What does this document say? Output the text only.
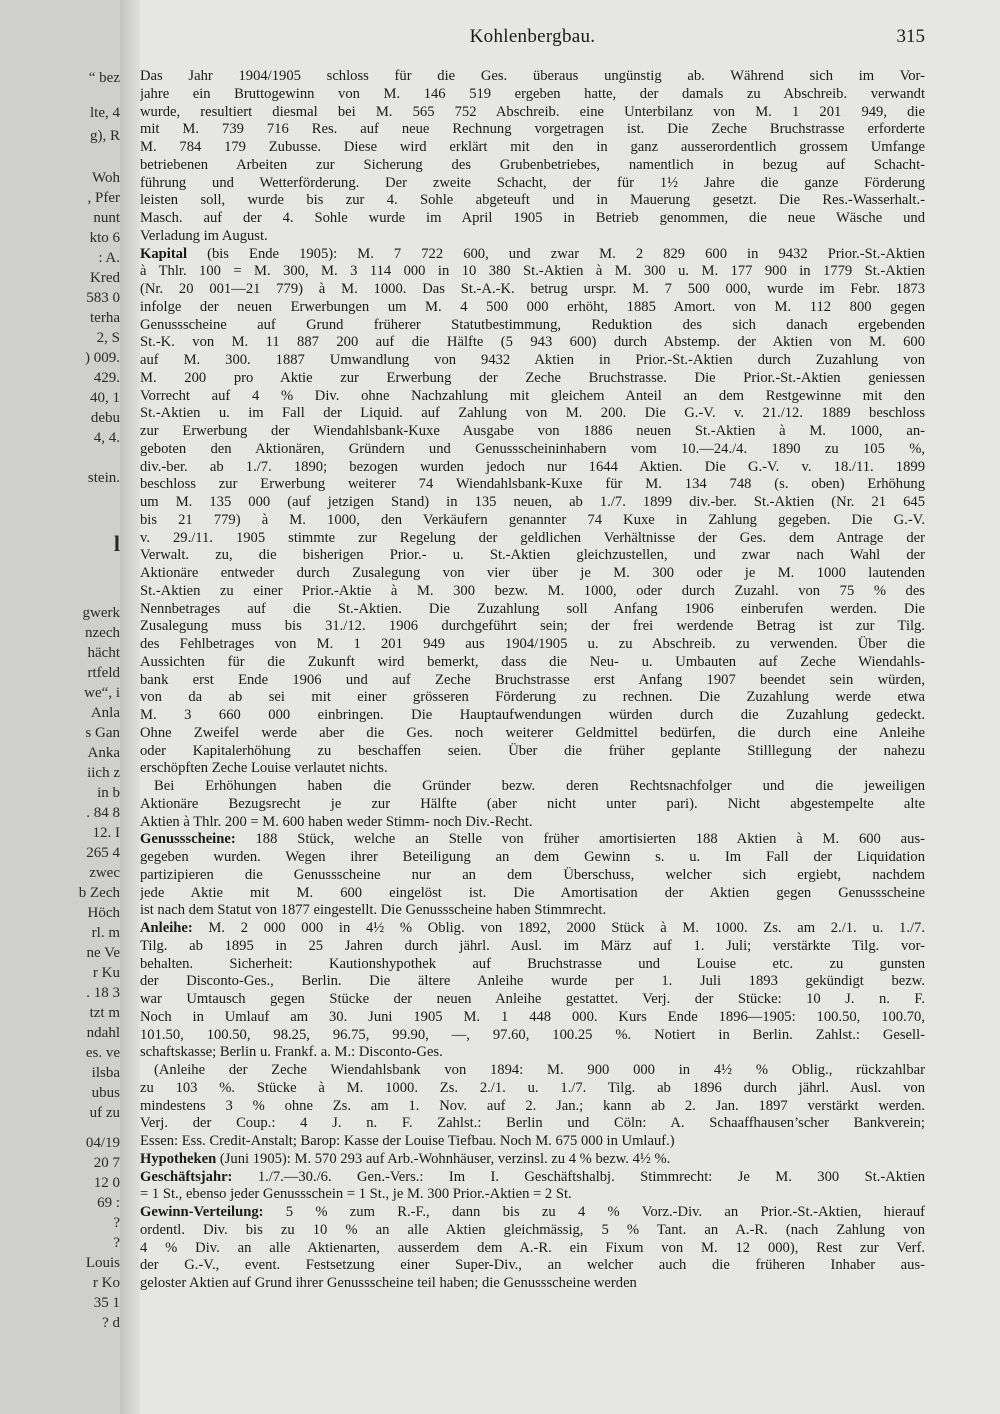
“ bez
lte, 4
g), R
Woh
, Pfer
nunt
kto 6
: A.
Kred
583 0
terha
2, S
) 009.
429.
40, 1
debu
4, 4.
stein.
l
gwerk
nzech
hächt
rtfeld
we“, i
Anla
s Gan
Anka
iich z
in b
. 84 8
12. I
265 4
zwec
b Zech
Höch
rl. m
ne Ve
r Ku
. 18 3
tzt m
ndahl
es. ve
ilsba
ubus
uf zu
04/19
20 7
12 0
69 :
?
?
Louis
r Ko
35 1
? d
Kohlenbergbau.	315
Das Jahr 1904/1905 schloss für die Ges. überaus ungünstig ab. Während sich im Vor-
jahre ein Bruttogewinn von M. 146 519 ergeben hatte, der damals zu Abschreib. verwandt
wurde, resultiert diesmal bei M. 565 752 Abschreib. eine Unterbilanz von M. 1 201 949, die
mit M. 739 716 Res. auf neue Rechnung vorgetragen ist. Die Zeche Bruchstrasse erforderte
M. 784 179 Zubusse. Diese wird erklärt mit den in ganz ausserordentlich grossem Umfange
betriebenen Arbeiten zur Sicherung des Grubenbetriebes, namentlich in bezug auf Schacht-
führung und Wetterförderung. Der zweite Schacht, der für 1½ Jahre die ganze Förderung
leisten soll, wurde bis zur 4. Sohle abgeteuft und in Mauerung gesetzt. Die Res.-Wasserhalt.-
Masch. auf der 4. Sohle wurde im April 1905 in Betrieb genommen, die neue Wäsche und
Verladung im August.
Kapital (bis Ende 1905): M. 7 722 600, und zwar M. 2 829 600 in 9432 Prior.-St.-Aktien
à Thlr. 100 = M. 300, M. 3 114 000 in 10 380 St.-Aktien à M. 300 u. M. 177 900 in 1779 St.-Aktien
(Nr. 20 001—21 779) à M. 1000. Das St.-A.-K. betrug urspr. M. 7 500 000, wurde im Febr. 1873
infolge der neuen Erwerbungen um M. 4 500 000 erhöht, 1885 Amort. von M. 112 800 gegen
Genussscheine auf Grund früherer Statutbestimmung, Reduktion des sich danach ergebenden
St.-K. von M. 11 887 200 auf die Hälfte (5 943 600) durch Abstemp. der Aktien von M. 600
auf M. 300. 1887 Umwandlung von 9432 Aktien in Prior.-St.-Aktien durch Zuzahlung von
M. 200 pro Aktie zur Erwerbung der Zeche Bruchstrasse. Die Prior.-St.-Aktien geniessen
Vorrecht auf 4 % Div. ohne Nachzahlung mit gleichem Anteil an dem Restgewinne mit den
St.-Aktien u. im Fall der Liquid. auf Zahlung von M. 200. Die G.-V. v. 21./12. 1889 beschloss
zur Erwerbung der Wiendahlsbank-Kuxe Ausgabe von 1886 neuen St.-Aktien à M. 1000, an-
geboten den Aktionären, Gründern und Genussscheininhabern vom 10.—24./4. 1890 zu 105 %,
div.-ber. ab 1./7. 1890; bezogen wurden jedoch nur 1644 Aktien. Die G.-V. v. 18./11. 1899
beschloss zur Erwerbung weiterer 74 Wiendahlsbank-Kuxe für M. 134 748 (s. oben) Erhöhung
um M. 135 000 (auf jetzigen Stand) in 135 neuen, ab 1./7. 1899 div.-ber. St.-Aktien (Nr. 21 645
bis 21 779) à M. 1000, den Verkäufern genannter 74 Kuxe in Zahlung gegeben. Die G.-V.
v. 29./11. 1905 stimmte zur Regelung der geldlichen Verhältnisse der Ges. dem Antrage der
Verwalt. zu, die bisherigen Prior.- u. St.-Aktien gleichzustellen, und zwar nach Wahl der
Aktionäre entweder durch Zusalegung von vier über je M. 300 oder je M. 1000 lautenden
St.-Aktien zu einer Prior.-Aktie à M. 300 bezw. M. 1000, oder durch Zuzahl. von 75 % des
Nennbetrages auf die St.-Aktien. Die Zuzahlung soll Anfang 1906 einberufen werden. Die
Zusalegung muss bis 31./12. 1906 durchgeführt sein; der frei werdende Betrag ist zur Tilg.
des Fehlbetrages von M. 1 201 949 aus 1904/1905 u. zu Abschreib. zu verwenden. Über die
Aussichten für die Zukunft wird bemerkt, dass die Neu- u. Umbauten auf Zeche Wiendahls-
bank erst Ende 1906 und auf Zeche Bruchstrasse erst Anfang 1907 beendet sein würden,
von da ab sei mit einer grösseren Förderung zu rechnen. Die Zuzahlung werde etwa
M. 3 660 000 einbringen. Die Hauptaufwendungen würden durch die Zuzahlung gedeckt.
Ohne Zweifel werde aber die Ges. noch weiterer Geldmittel bedürfen, die durch eine Anleihe
oder Kapitalerhöhung zu beschaffen seien. Über die früher geplante Stilllegung der nahezu
erschöpften Zeche Louise verlautet nichts.
Bei Erhöhungen haben die Gründer bezw. deren Rechtsnachfolger und die jeweiligen
Aktionäre Bezugsrecht je zur Hälfte (aber nicht unter pari). Nicht abgestempelte alte
Aktien à Thlr. 200 = M. 600 haben weder Stimm- noch Div.-Recht.
Genussscheine: 188 Stück, welche an Stelle von früher amortisierten 188 Aktien à M. 600 aus-
gegeben wurden. Wegen ihrer Beteiligung an dem Gewinn s. u. Im Fall der Liquidation
partizipieren die Genussscheine nur an dem Überschuss, welcher sich ergiebt, nachdem
jede Aktie mit M. 600 eingelöst ist. Die Amortisation der Aktien gegen Genussscheine
ist nach dem Statut von 1877 eingestellt. Die Genussscheine haben Stimmrecht.
Anleihe: M. 2 000 000 in 4½ % Oblig. von 1892, 2000 Stück à M. 1000. Zs. am 2./1. u. 1./7.
Tilg. ab 1895 in 25 Jahren durch jährl. Ausl. im März auf 1. Juli; verstärkte Tilg. vor-
behalten. Sicherheit: Kautionshypothek auf Bruchstrasse und Louise etc. zu gunsten
der Disconto-Ges., Berlin. Die ältere Anleihe wurde per 1. Juli 1893 gekündigt bezw.
war Umtausch gegen Stücke der neuen Anleihe gestattet. Verj. der Stücke: 10 J. n. F.
Noch in Umlauf am 30. Juni 1905 M. 1 448 000. Kurs Ende 1896—1905: 100.50, 100.70,
101.50, 100.50, 98.25, 96.75, 99.90, —, 97.60, 100.25 %. Notiert in Berlin. Zahlst.: Gesell-
schaftskasse; Berlin u. Frankf. a. M.: Disconto-Ges.
(Anleihe der Zeche Wiendahlsbank von 1894: M. 900 000 in 4½ % Oblig., rückzahlbar
zu 103 %. Stücke à M. 1000. Zs. 2./1. u. 1./7. Tilg. ab 1896 durch jährl. Ausl. von
mindestens 3 % ohne Zs. am 1. Nov. auf 2. Jan.; kann ab 2. Jan. 1897 verstärkt werden.
Verj. der Coup.: 4 J. n. F. Zahlst.: Berlin und Cöln: A. Schaaffhausen’scher Bankverein;
Essen: Ess. Credit-Anstalt; Barop: Kasse der Louise Tiefbau. Noch M. 675 000 in Umlauf.)
Hypotheken (Juni 1905): M. 570 293 auf Arb.-Wohnhäuser, verzinsl. zu 4 % bezw. 4½ %.
Geschäftsjahr: 1./7.—30./6. Gen.-Vers.: Im I. Geschäftshalbj. Stimmrecht: Je M. 300 St.-Aktien
= 1 St., ebenso jeder Genussschein = 1 St., je M. 300 Prior.-Aktien = 2 St.
Gewinn-Verteilung: 5 % zum R.-F., dann bis zu 4 % Vorz.-Div. an Prior.-St.-Aktien, hierauf
ordentl. Div. bis zu 10 % an alle Aktien gleichmässig, 5 % Tant. an A.-R. (nach Zahlung von
4 % Div. an alle Aktienarten, ausserdem dem A.-R. ein Fixum von M. 12 000), Rest zur Verf.
der G.-V., event. Festsetzung einer Super-Div., an welcher auch die früheren Inhaber aus-
geloster Aktien auf Grund ihrer Genussscheine teil haben; die Genussscheine werden
